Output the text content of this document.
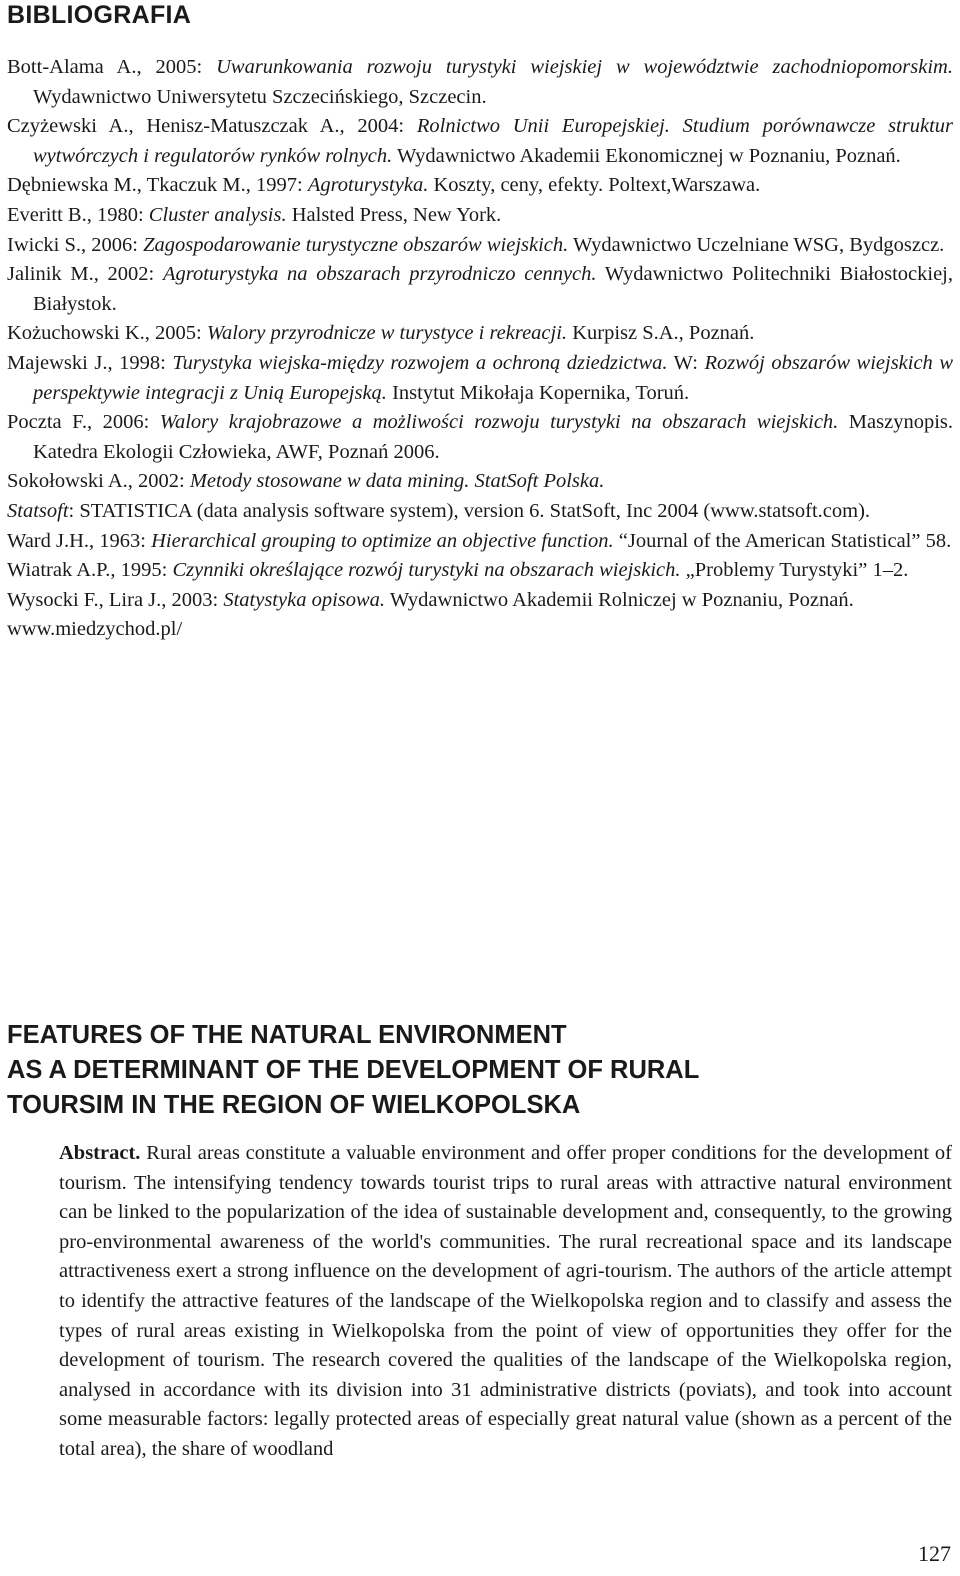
BIBLIOGRAFIA
Bott-Alama A., 2005: Uwarunkowania rozwoju turystyki wiejskiej w województwie zachodniopomorskim. Wydawnictwo Uniwersytetu Szczecińskiego, Szczecin.
Czyżewski A., Henisz-Matuszczak A., 2004: Rolnictwo Unii Europejskiej. Studium porównawcze struktur wytwórczych i regulatorów rynków rolnych. Wydawnictwo Akademii Ekonomicznej w Poznaniu, Poznań.
Dębniewska M., Tkaczuk M., 1997: Agroturystyka. Koszty, ceny, efekty. Poltext,Warszawa.
Everitt B., 1980: Cluster analysis. Halsted Press, New York.
Iwicki S., 2006: Zagospodarowanie turystyczne obszarów wiejskich. Wydawnictwo Uczelniane WSG, Bydgoszcz.
Jalinik M., 2002: Agroturystyka na obszarach przyrodniczo cennych. Wydawnictwo Politechniki Białostockiej, Białystok.
Kożuchowski K., 2005: Walory przyrodnicze w turystyce i rekreacji. Kurpisz S.A., Poznań.
Majewski J., 1998: Turystyka wiejska-między rozwojem a ochroną dziedzictwa. W: Rozwój obszarów wiejskich w perspektywie integracji z Unią Europejską. Instytut Mikołaja Kopernika, Toruń.
Poczta F., 2006: Walory krajobrazowe a możliwości rozwoju turystyki na obszarach wiejskich. Maszynopis. Katedra Ekologii Człowieka, AWF, Poznań 2006.
Sokołowski A., 2002: Metody stosowane w data mining. StatSoft Polska.
Statsoft: STATISTICA (data analysis software system), version 6. StatSoft, Inc 2004 (www.statsoft.com).
Ward J.H., 1963: Hierarchical grouping to optimize an objective function. “Journal of the American Statistical” 58.
Wiatrak A.P., 1995: Czynniki określające rozwój turystyki na obszarach wiejskich. „Problemy Turystyki” 1–2.
Wysocki F., Lira J., 2003: Statystyka opisowa. Wydawnictwo Akademii Rolniczej w Poznaniu, Poznań.
www.miedzychod.pl/
FEATURES OF THE NATURAL ENVIRONMENT
AS A DETERMINANT OF THE DEVELOPMENT OF RURAL
TOURSIM IN THE REGION OF WIELKOPOLSKA

Abstract. Rural areas constitute a valuable environment and offer proper conditions for the development of tourism. The intensifying tendency towards tourist trips to rural areas with attractive natural environment can be linked to the popularization of the idea of sustainable development and, consequently, to the growing pro-environmental awareness of the world's communities. The rural recreational space and its landscape attractiveness exert a strong influence on the development of agri-tourism. The authors of the article attempt to identify the attractive features of the landscape of the Wielkopolska region and to classify and assess the types of rural areas existing in Wielkopolska from the point of view of opportunities they offer for the development of tourism. The research covered the qualities of the landscape of the Wielkopolska region, analysed in accordance with its division into 31 administrative districts (poviats), and took into account some measurable factors: legally protected areas of especially great natural value (shown as a percent of the total area), the share of woodland

127
